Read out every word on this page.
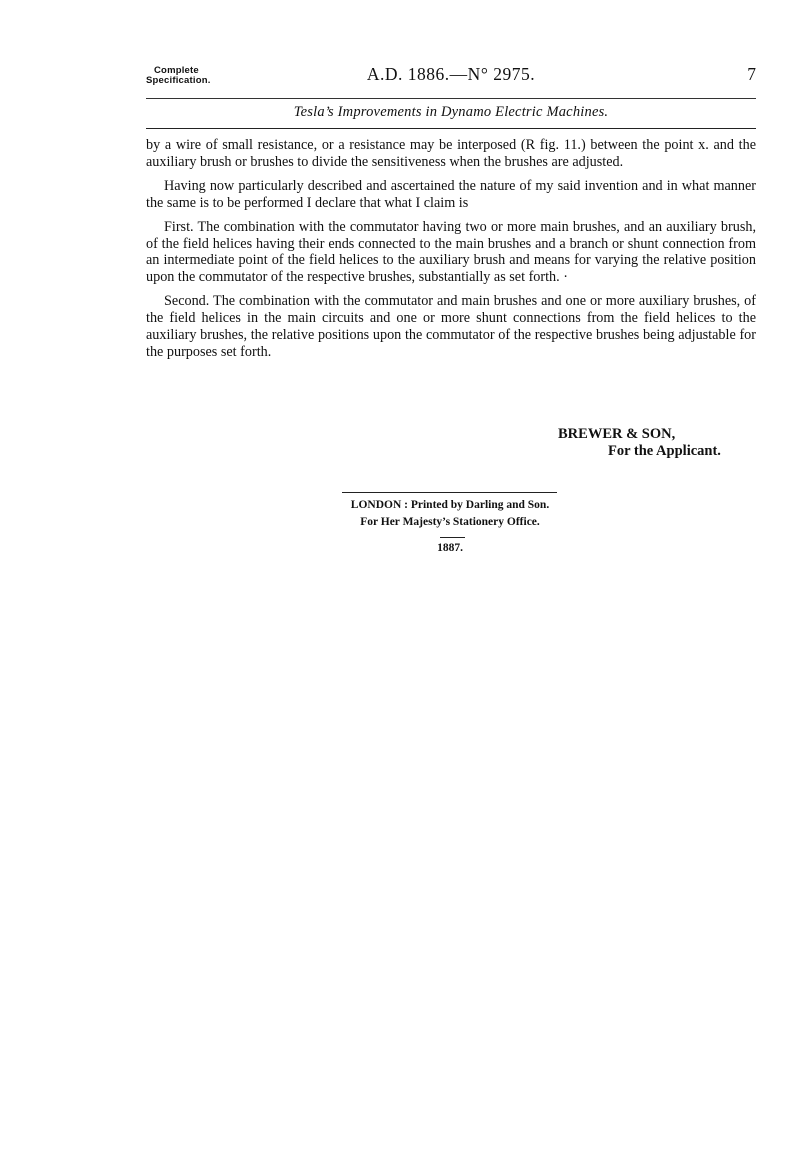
Complete
Specification.	A.D. 1886.—N° 2975.	7
Tesla’s Improvements in Dynamo Electric Machines.

by a wire of small resistance, or a resistance may be interposed (R fig. 11.) between the point x. and the auxiliary brush or brushes to divide the sensitiveness when the brushes are adjusted.

Having now particularly described and ascertained the nature of my said invention and in what manner the same is to be performed I declare that what I claim is

First. The combination with the commutator having two or more main brushes, and an auxiliary brush, of the field helices having their ends connected to the main brushes and a branch or shunt connection from an intermediate point of the field helices to the auxiliary brush and means for varying the relative position upon the commutator of the respective brushes, substantially as set forth. ·

Second. The combination with the commutator and main brushes and one or more auxiliary brushes, of the field helices in the main circuits and one or more shunt connections from the field helices to the auxiliary brushes, the relative positions upon the commutator of the respective brushes being adjustable for the purposes set forth.

BREWER & SON,
For the Applicant.
LONDON : Printed by Darling and Son.
For Her Majesty’s Stationery Office.
1887.
